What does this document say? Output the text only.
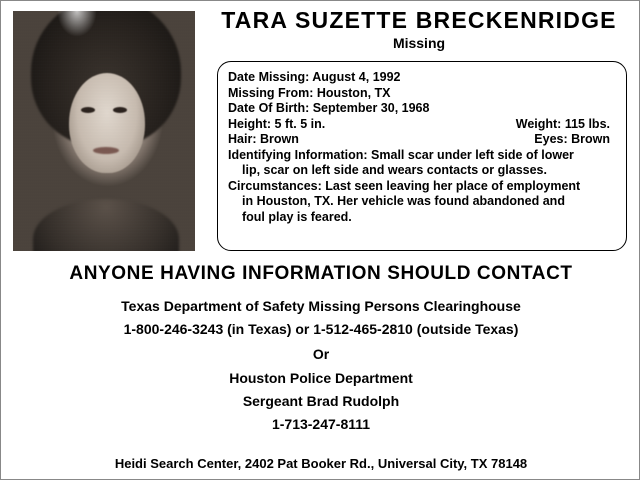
TARA SUZETTE BRECKENRIDGE
Missing
Date Missing: August 4, 1992
Missing From: Houston, TX
Date Of Birth: September 30, 1968
Height: 5 ft. 5 in.	Weight: 115 lbs.
Hair: Brown	Eyes: Brown
Identifying Information: Small scar under left side of lower
lip, scar on left side and wears contacts or glasses.
Circumstances: Last seen leaving her place of employment
in Houston, TX. Her vehicle was found abandoned and
foul play is feared.
ANYONE HAVING INFORMATION SHOULD CONTACT
Texas Department of Safety Missing Persons Clearinghouse
1-800-246-3243 (in Texas) or 1-512-465-2810 (outside Texas)
Or
Houston Police Department
Sergeant Brad Rudolph
1-713-247-8111
Heidi Search Center, 2402 Pat Booker Rd., Universal City, TX 78148
